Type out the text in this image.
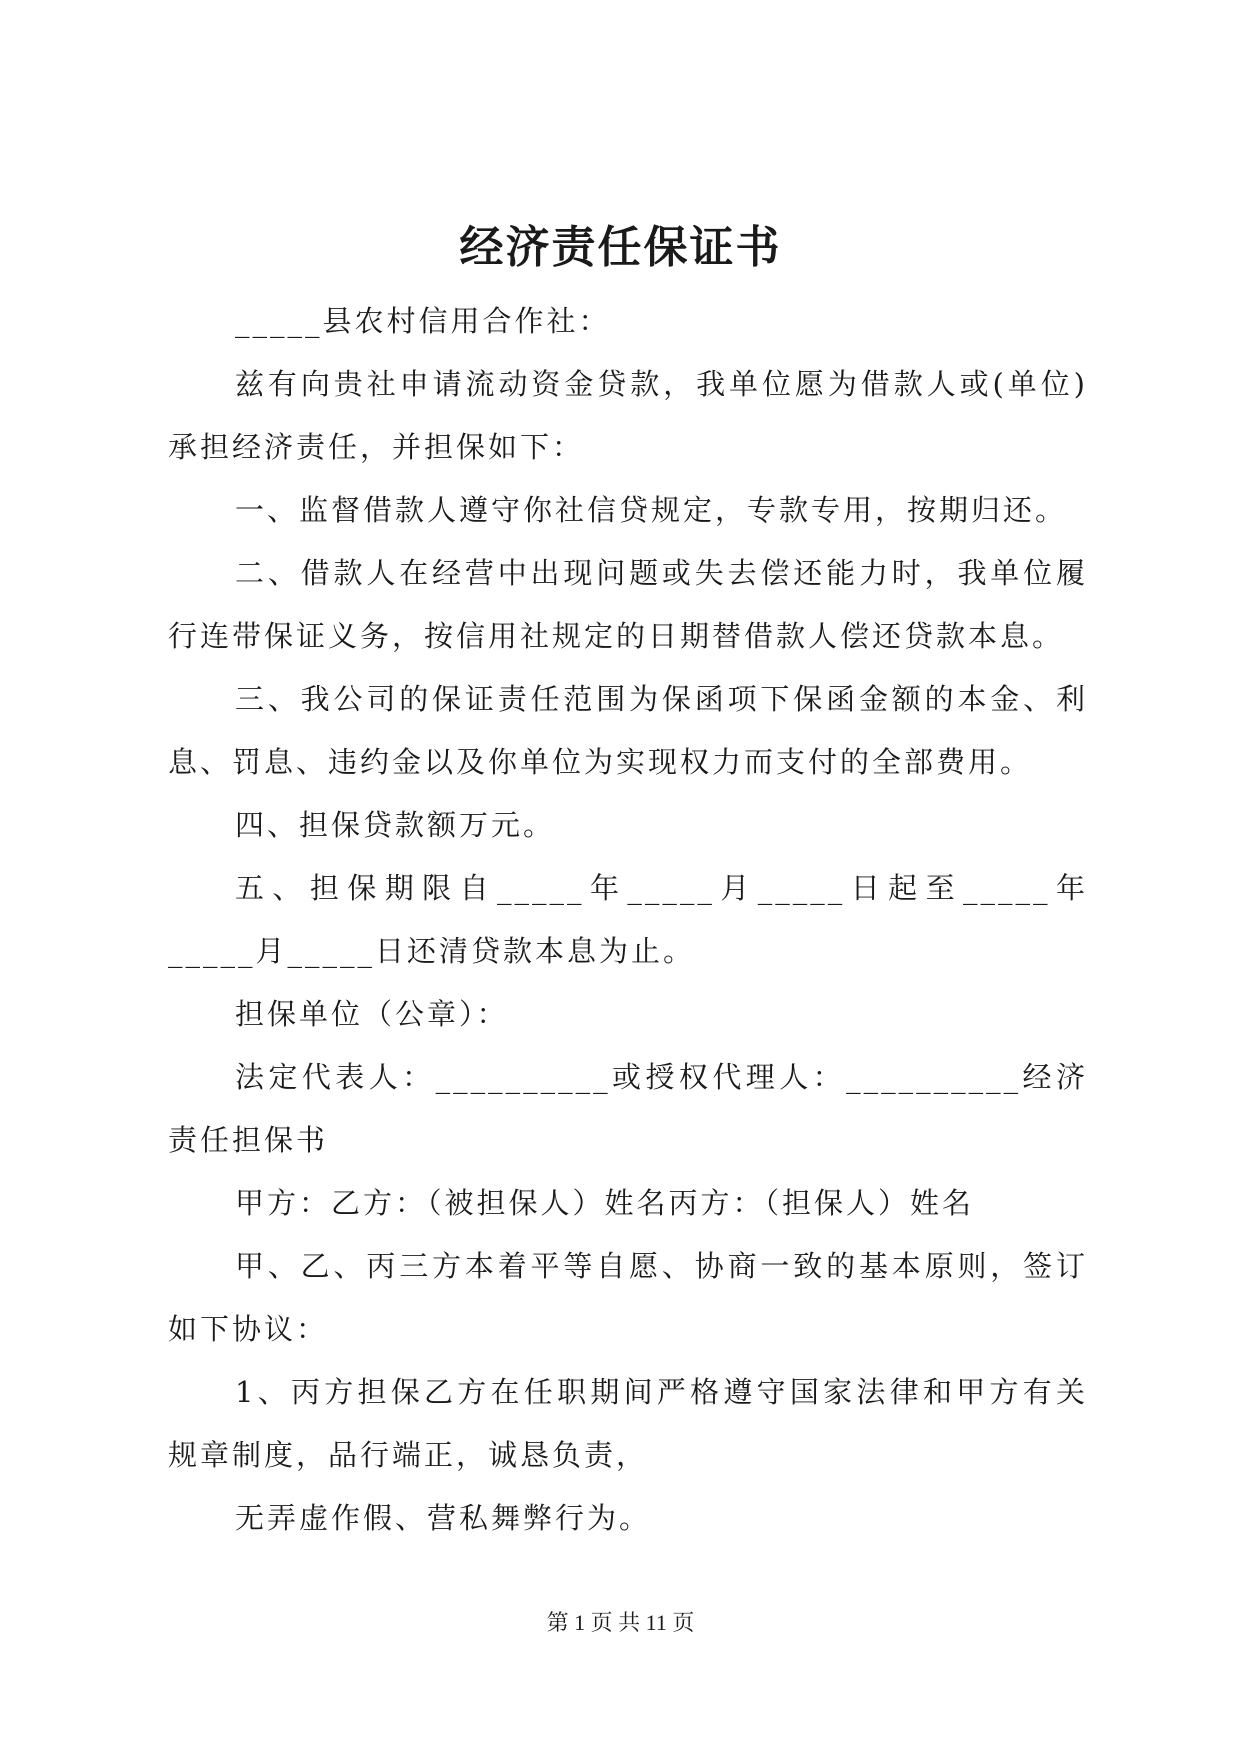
经济责任保证书

_____县农村信用合作社：

兹有向贵社申请流动资金贷款，我单位愿为借款人或(单位)承担经济责任，并担保如下：

一、监督借款人遵守你社信贷规定，专款专用，按期归还。

二、借款人在经营中出现问题或失去偿还能力时，我单位履行连带保证义务，按信用社规定的日期替借款人偿还贷款本息。

三、我公司的保证责任范围为保函项下保函金额的本金、利息、罚息、违约金以及你单位为实现权力而支付的全部费用。

四、担保贷款额万元。

五、担保期限自_____年_____月_____日起至_____年_____月_____日还清贷款本息为止。

担保单位（公章）：

法定代表人：__________或授权代理人：__________经济责任担保书

甲方：乙方：（被担保人）姓名丙方：（担保人）姓名

甲、乙、丙三方本着平等自愿、协商一致的基本原则，签订如下协议：

1、丙方担保乙方在任职期间严格遵守国家法律和甲方有关规章制度，品行端正，诚恳负责，

无弄虚作假、营私舞弊行为。

第 1 页 共 11 页
